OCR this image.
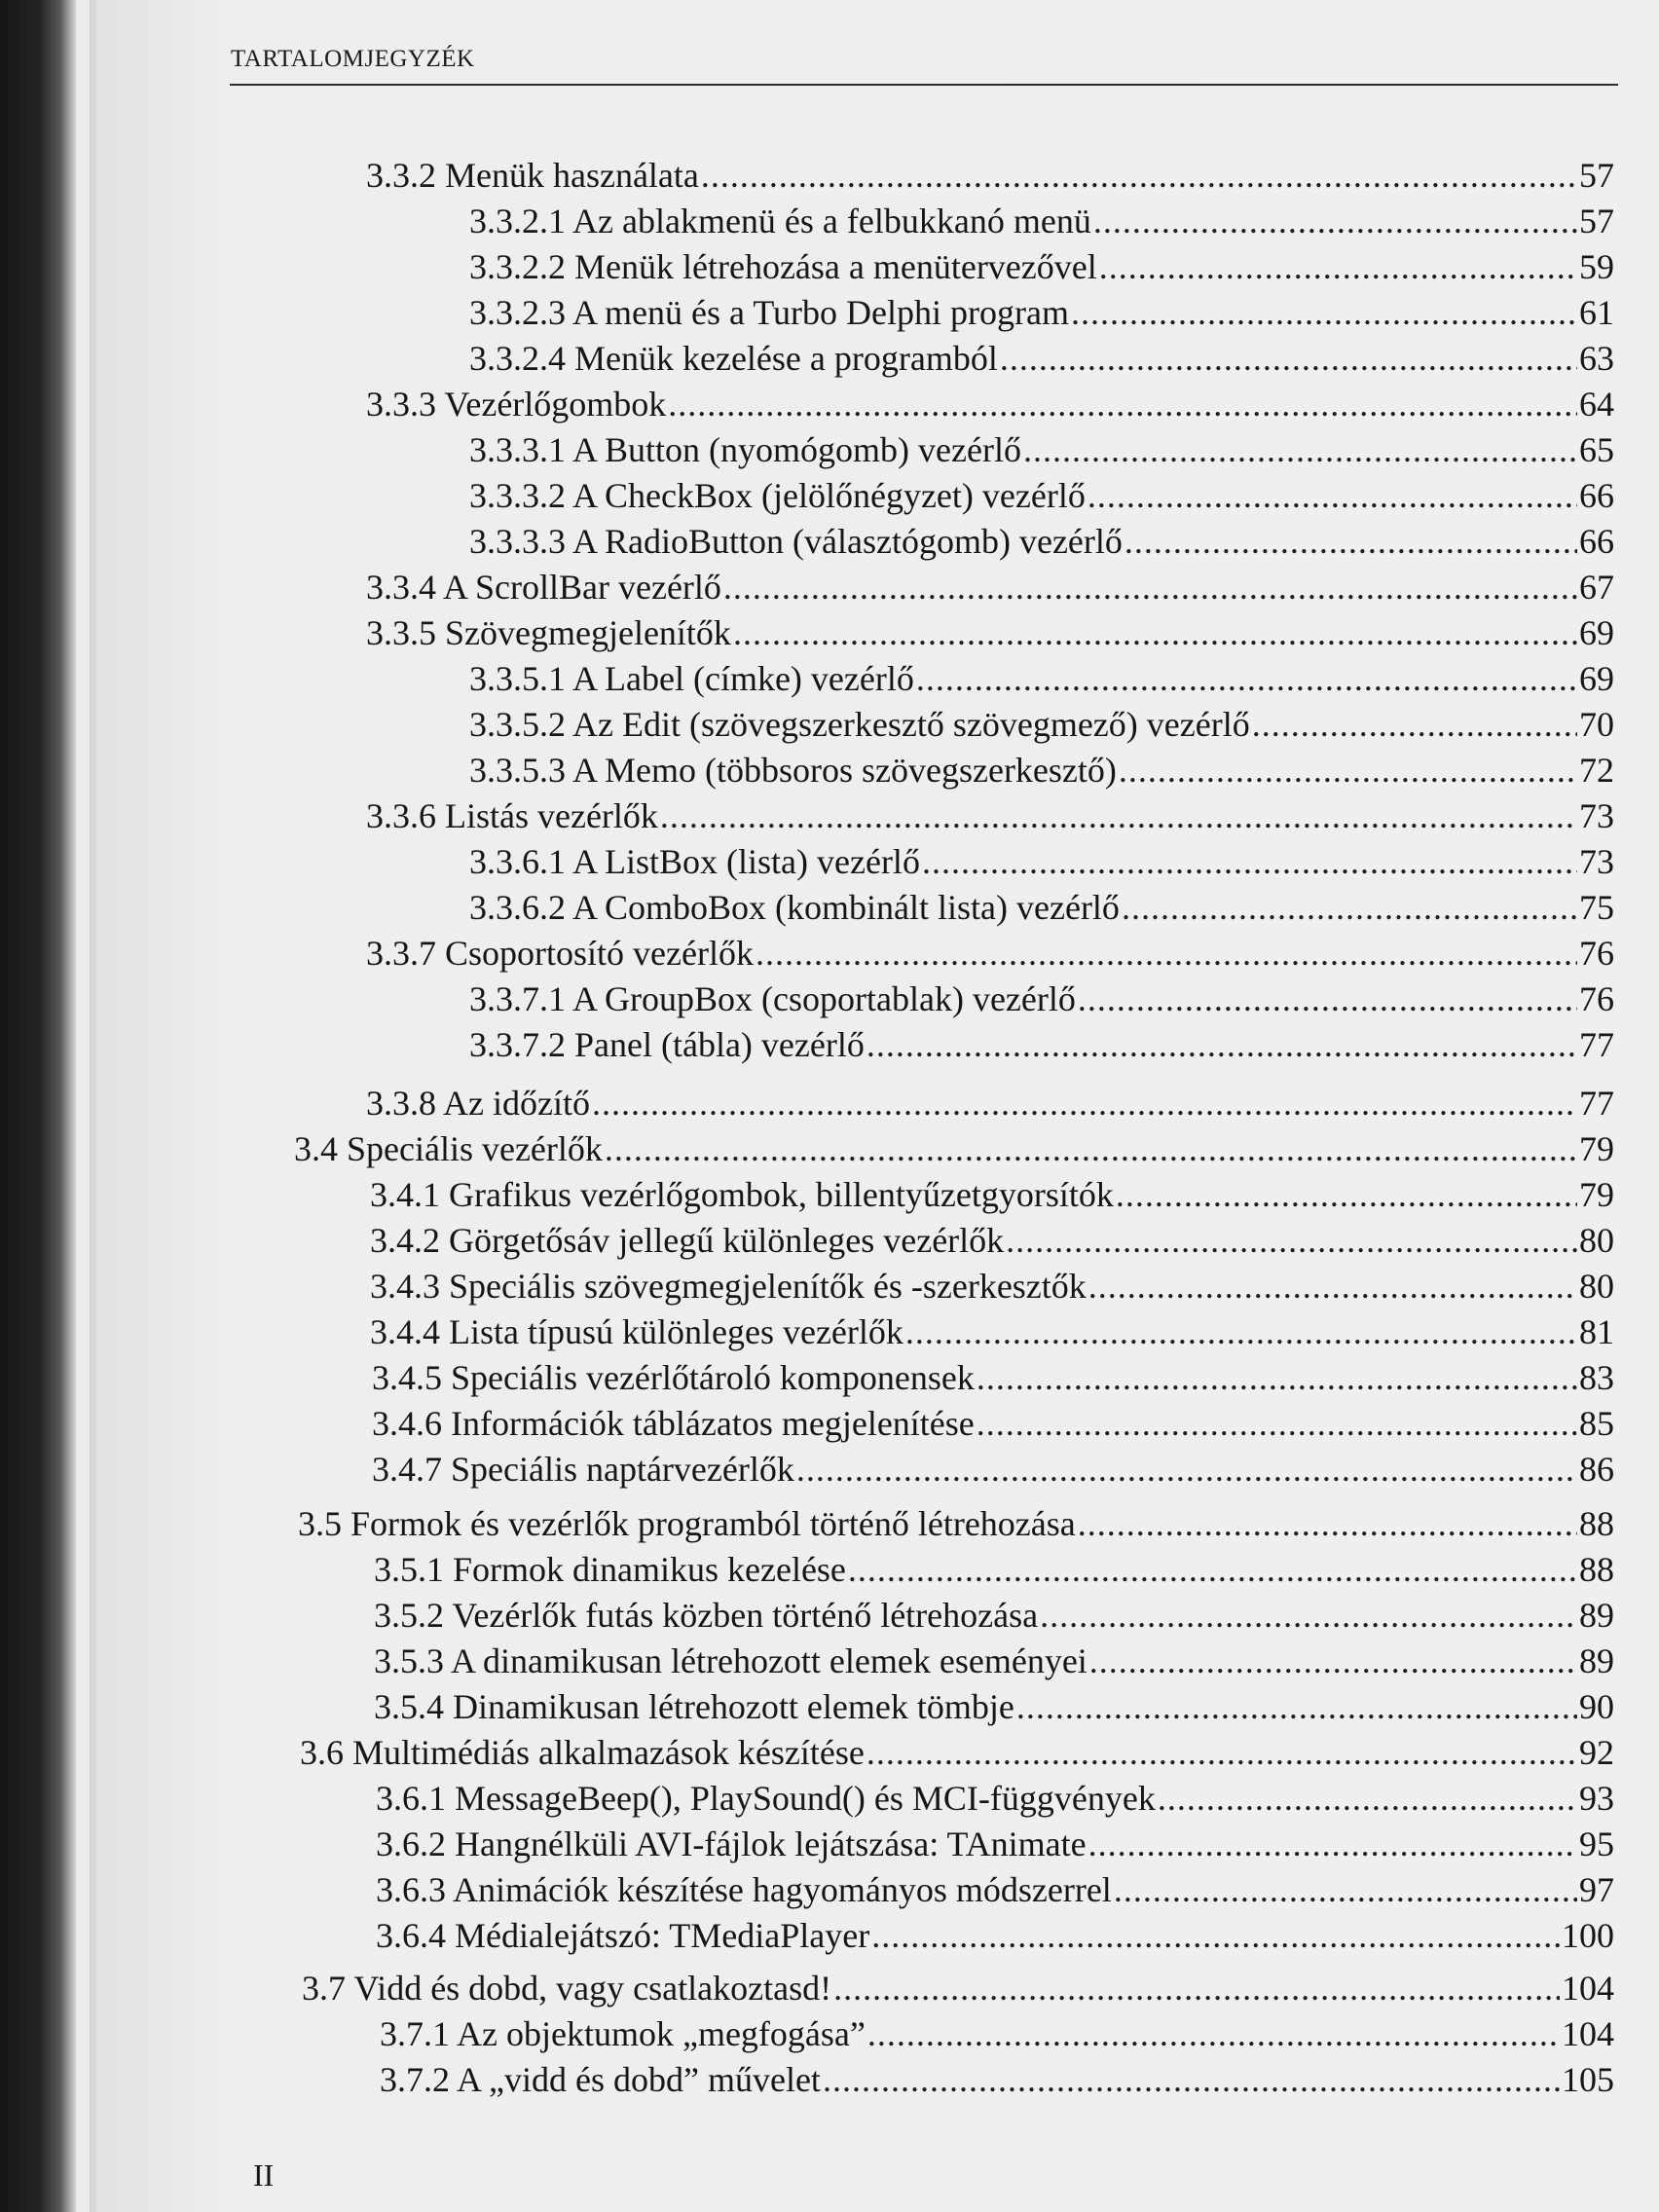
TARTALOMJEGYZÉK
3.3.2 Menük használata .....	57
3.3.2.1 Az ablakmenü és a felbukkanó menü .....	57
3.3.2.2 Menük létrehozása a menütervezővel .....	59
3.3.2.3 A menü és a Turbo Delphi program .....	61
3.3.2.4 Menük kezelése a programból .....	63
3.3.3 Vezérlőgombok .....	64
3.3.3.1 A Button (nyomógomb) vezérlő .....	65
3.3.3.2 A CheckBox (jelölőnégyzet) vezérlő .....	66
3.3.3.3 A RadioButton (választógomb) vezérlő .....	66
3.3.4 A ScrollBar vezérlő .....	67
3.3.5 Szövegmegjelenítők .....	69
3.3.5.1 A Label (címke) vezérlő .....	69
3.3.5.2 Az Edit (szövegszerkesztő szövegmező) vezérlő .....	70
3.3.5.3 A Memo (többsoros szövegszerkesztő) .....	72
3.3.6 Listás vezérlők .....	73
3.3.6.1 A ListBox (lista) vezérlő .....	73
3.3.6.2 A ComboBox (kombinált lista) vezérlő .....	75
3.3.7 Csoportosító vezérlők .....	76
3.3.7.1 A GroupBox (csoportablak) vezérlő .....	76
3.3.7.2 Panel (tábla) vezérlő .....	77
3.3.8 Az időzítő .....	77
3.4 Speciális vezérlők .....	79
3.4.1 Grafikus vezérlőgombok, billentyűzetgyorsítók .....	79
3.4.2 Görgetősáv jellegű különleges vezérlők .....	80
3.4.3 Speciális szövegmegjelenítők és -szerkesztők .....	80
3.4.4 Lista típusú különleges vezérlők .....	81
3.4.5 Speciális vezérlőtároló komponensek .....	83
3.4.6 Információk táblázatos megjelenítése .....	85
3.4.7 Speciális naptárvezérlők .....	86
3.5 Formok és vezérlők programból történő létrehozása .....	88
3.5.1 Formok dinamikus kezelése .....	88
3.5.2 Vezérlők futás közben történő létrehozása .....	89
3.5.3 A dinamikusan létrehozott elemek eseményei .....	89
3.5.4 Dinamikusan létrehozott elemek tömbje .....	90
3.6 Multimédiás alkalmazások készítése .....	92
3.6.1 MessageBeep(), PlaySound() és MCI-függvények .....	93
3.6.2 Hangnélküli AVI-fájlok lejátszása: TAnimate .....	95
3.6.3 Animációk készítése hagyományos módszerrel .....	97
3.6.4 Médialejátszó: TMediaPlayer .....	100
3.7 Vidd és dobd, vagy csatlakoztasd! .....	104
3.7.1 Az objektumok „megfogása” .....	104
3.7.2 A „vidd és dobd” művelet .....	105
II
